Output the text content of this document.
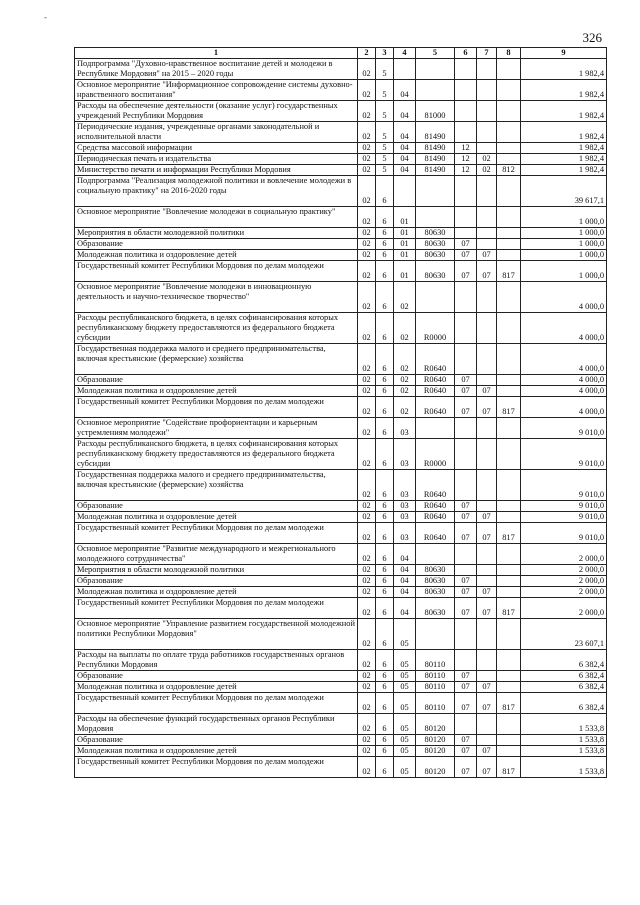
-
326
1	2	3	4	5	6	7	8	9
Подпрограмма "Духовно-нравственное воспитание детей и молодежи в Республике Мордовия" на 2015 – 2020 годы	02	5						1 982,4
Основное мероприятие "Информационное сопровождение системы духовно-нравственного воспитания"	02	5	04					1 982,4
Расходы на обеспечение деятельности (оказание услуг) государственных учреждений Республики Мордовия	02	5	04	81000				1 982,4
Периодические издания, учрежденные органами законодательной и исполнительной власти	02	5	04	81490				1 982,4
Средства массовой информации	02	5	04	81490	12			1 982,4
Периодическая печать и издательства	02	5	04	81490	12	02		1 982,4
Министерство печати и информации Республики Мордовия	02	5	04	81490	12	02	812	1 982,4
Подпрограмма "Реализация молодежной политики и вовлечение молодежи в социальную практику" на 2016-2020 годы	02	6						39 617,1
Основное мероприятие "Вовлечение молодежи в социальную практику"	02	6	01					1 000,0
Мероприятия в области молодежной политики	02	6	01	80630				1 000,0
Образование	02	6	01	80630	07			1 000,0
Молодежная политика и оздоровление детей	02	6	01	80630	07	07		1 000,0
Государственный комитет Республики Мордовия по делам молодежи	02	6	01	80630	07	07	817	1 000,0
Основное мероприятие "Вовлечение молодежи в инновационную деятельность и научно-техническое творчество"	02	6	02					4 000,0
Расходы республиканского бюджета, в целях софинансирования которых республиканскому бюджету предоставляются из федерального бюджета субсидии	02	6	02	R0000				4 000,0
Государственная поддержка малого и среднего предпринимательства, включая крестьянские (фермерские) хозяйства	02	6	02	R0640				4 000,0
Образование	02	6	02	R0640	07			4 000,0
Молодежная политика и оздоровление детей	02	6	02	R0640	07	07		4 000,0
Государственный комитет Республики Мордовия по делам молодежи	02	6	02	R0640	07	07	817	4 000,0
Основное мероприятие "Содействие профориентации и карьерным устремлениям молодежи"	02	6	03					9 010,0
Расходы республиканского бюджета, в целях софинансирования которых республиканскому бюджету предоставляются из федерального бюджета субсидии	02	6	03	R0000				9 010,0
Государственная поддержка малого и среднего предпринимательства, включая крестьянские (фермерские) хозяйства	02	6	03	R0640				9 010,0
Образование	02	6	03	R0640	07			9 010,0
Молодежная политика и оздоровление детей	02	6	03	R0640	07	07		9 010,0
Государственный комитет Республики Мордовия по делам молодежи	02	6	03	R0640	07	07	817	9 010,0
Основное мероприятие "Развитие международного и межрегионального молодежного сотрудничества"	02	6	04					2 000,0
Мероприятия в области молодежной политики	02	6	04	80630				2 000,0
Образование	02	6	04	80630	07			2 000,0
Молодежная политика и оздоровление детей	02	6	04	80630	07	07		2 000,0
Государственный комитет Республики Мордовия по делам молодежи	02	6	04	80630	07	07	817	2 000,0
Основное мероприятие "Управление развитием государственной молодежной политики Республики Мордовия"	02	6	05					23 607,1
Расходы на выплаты по оплате труда работников государственных органов Республики Мордовия	02	6	05	80110				6 382,4
Образование	02	6	05	80110	07			6 382,4
Молодежная политика и оздоровление детей	02	6	05	80110	07	07		6 382,4
Государственный комитет Республики Мордовия по делам молодежи	02	6	05	80110	07	07	817	6 382,4
Расходы на обеспечение функций государственных органов Республики Мордовия	02	6	05	80120				1 533,8
Образование	02	6	05	80120	07			1 533,8
Молодежная политика и оздоровление детей	02	6	05	80120	07	07		1 533,8
Государственный комитет Республики Мордовия по делам молодежи	02	6	05	80120	07	07	817	1 533,8
